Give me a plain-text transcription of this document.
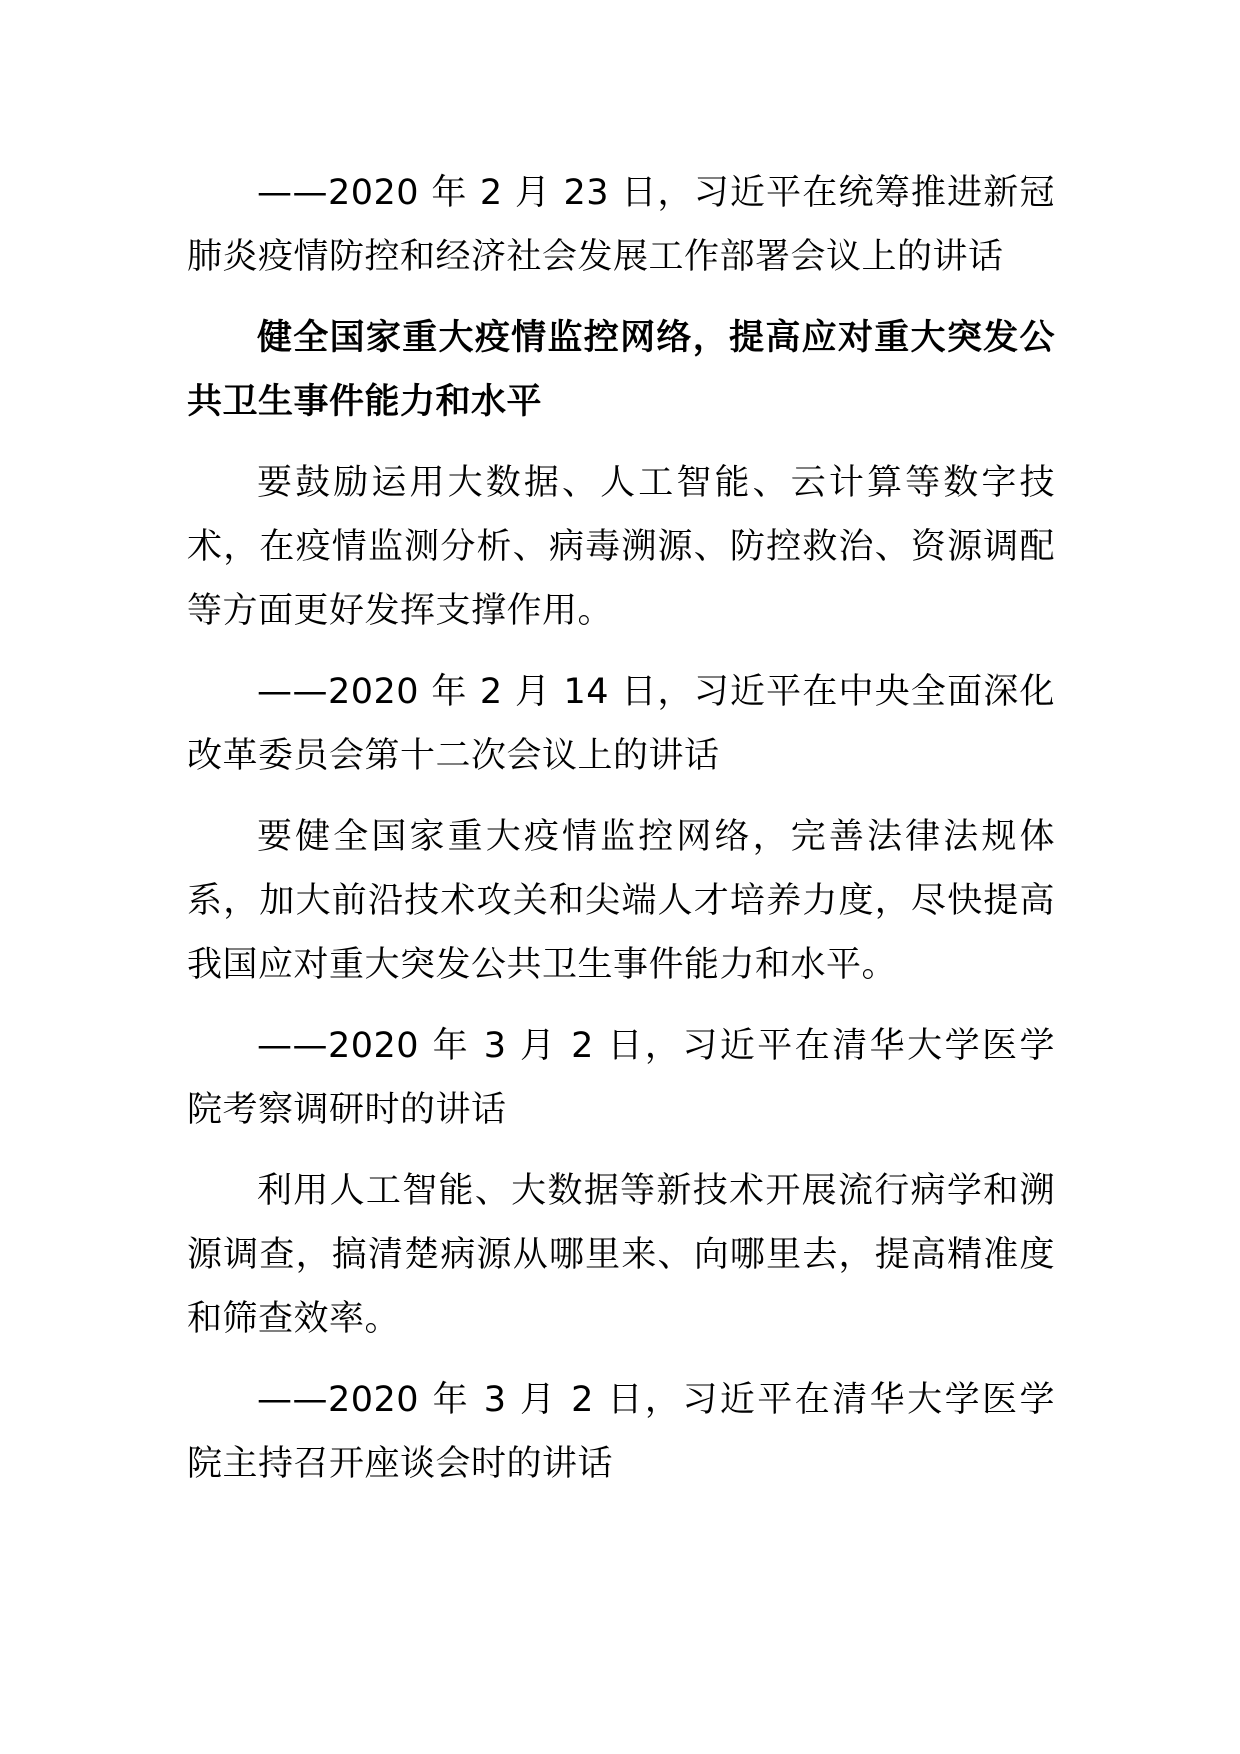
——2020 年 2 月 23 日，习近平在统筹推进新冠肺炎疫情防控和经济社会发展工作部署会议上的讲话

健全国家重大疫情监控网络，提高应对重大突发公共卫生事件能力和水平

要鼓励运用大数据、人工智能、云计算等数字技术，在疫情监测分析、病毒溯源、防控救治、资源调配等方面更好发挥支撑作用。

——2020 年 2 月 14 日，习近平在中央全面深化改革委员会第十二次会议上的讲话

要健全国家重大疫情监控网络，完善法律法规体系，加大前沿技术攻关和尖端人才培养力度，尽快提高我国应对重大突发公共卫生事件能力和水平。

——2020 年 3 月 2 日，习近平在清华大学医学院考察调研时的讲话

利用人工智能、大数据等新技术开展流行病学和溯源调查，搞清楚病源从哪里来、向哪里去，提高精准度和筛查效率。

——2020 年 3 月 2 日，习近平在清华大学医学院主持召开座谈会时的讲话
